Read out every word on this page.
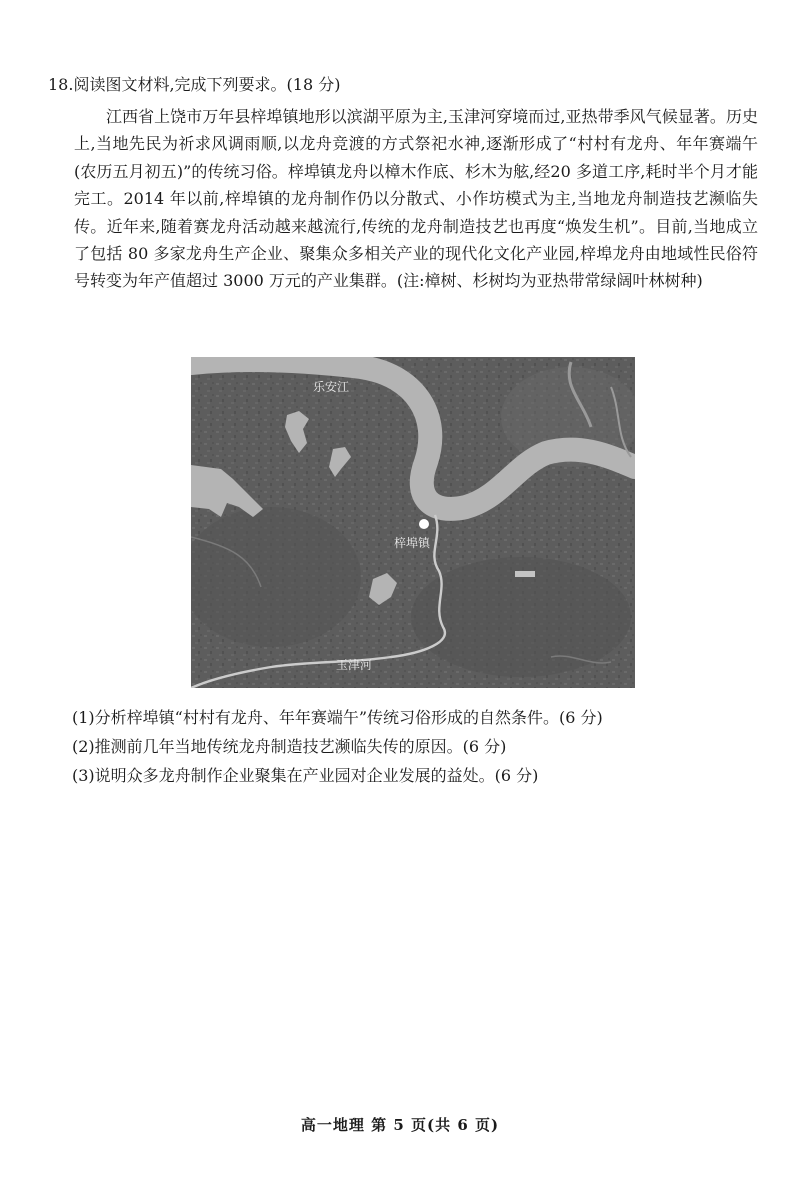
18.阅读图文材料,完成下列要求。(18 分)

江西省上饶市万年县梓埠镇地形以滨湖平原为主,玉津河穿境而过,亚热带季风气候显著。历史上,当地先民为祈求风调雨顺,以龙舟竞渡的方式祭祀水神,逐渐形成了“村村有龙舟、年年赛端午(农历五月初五)”的传统习俗。梓埠镇龙舟以樟木作底、杉木为舷,经20 多道工序,耗时半个月才能完工。2014 年以前,梓埠镇的龙舟制作仍以分散式、小作坊模式为主,当地龙舟制造技艺濒临失传。近年来,随着赛龙舟活动越来越流行,传统的龙舟制造技艺也再度“焕发生机”。目前,当地成立了包括 80 多家龙舟生产企业、聚集众多相关产业的现代化文化产业园,梓埠龙舟由地域性民俗符号转变为年产值超过 3000 万元的产业集群。(注:樟树、杉树均为亚热带常绿阔叶林树种)

乐安江
梓埠镇
玉津河
(1)分析梓埠镇“村村有龙舟、年年赛端午”传统习俗形成的自然条件。(6 分)
(2)推测前几年当地传统龙舟制造技艺濒临失传的原因。(6 分)
(3)说明众多龙舟制作企业聚集在产业园对企业发展的益处。(6 分)
高一地理 第 5 页(共 6 页)
